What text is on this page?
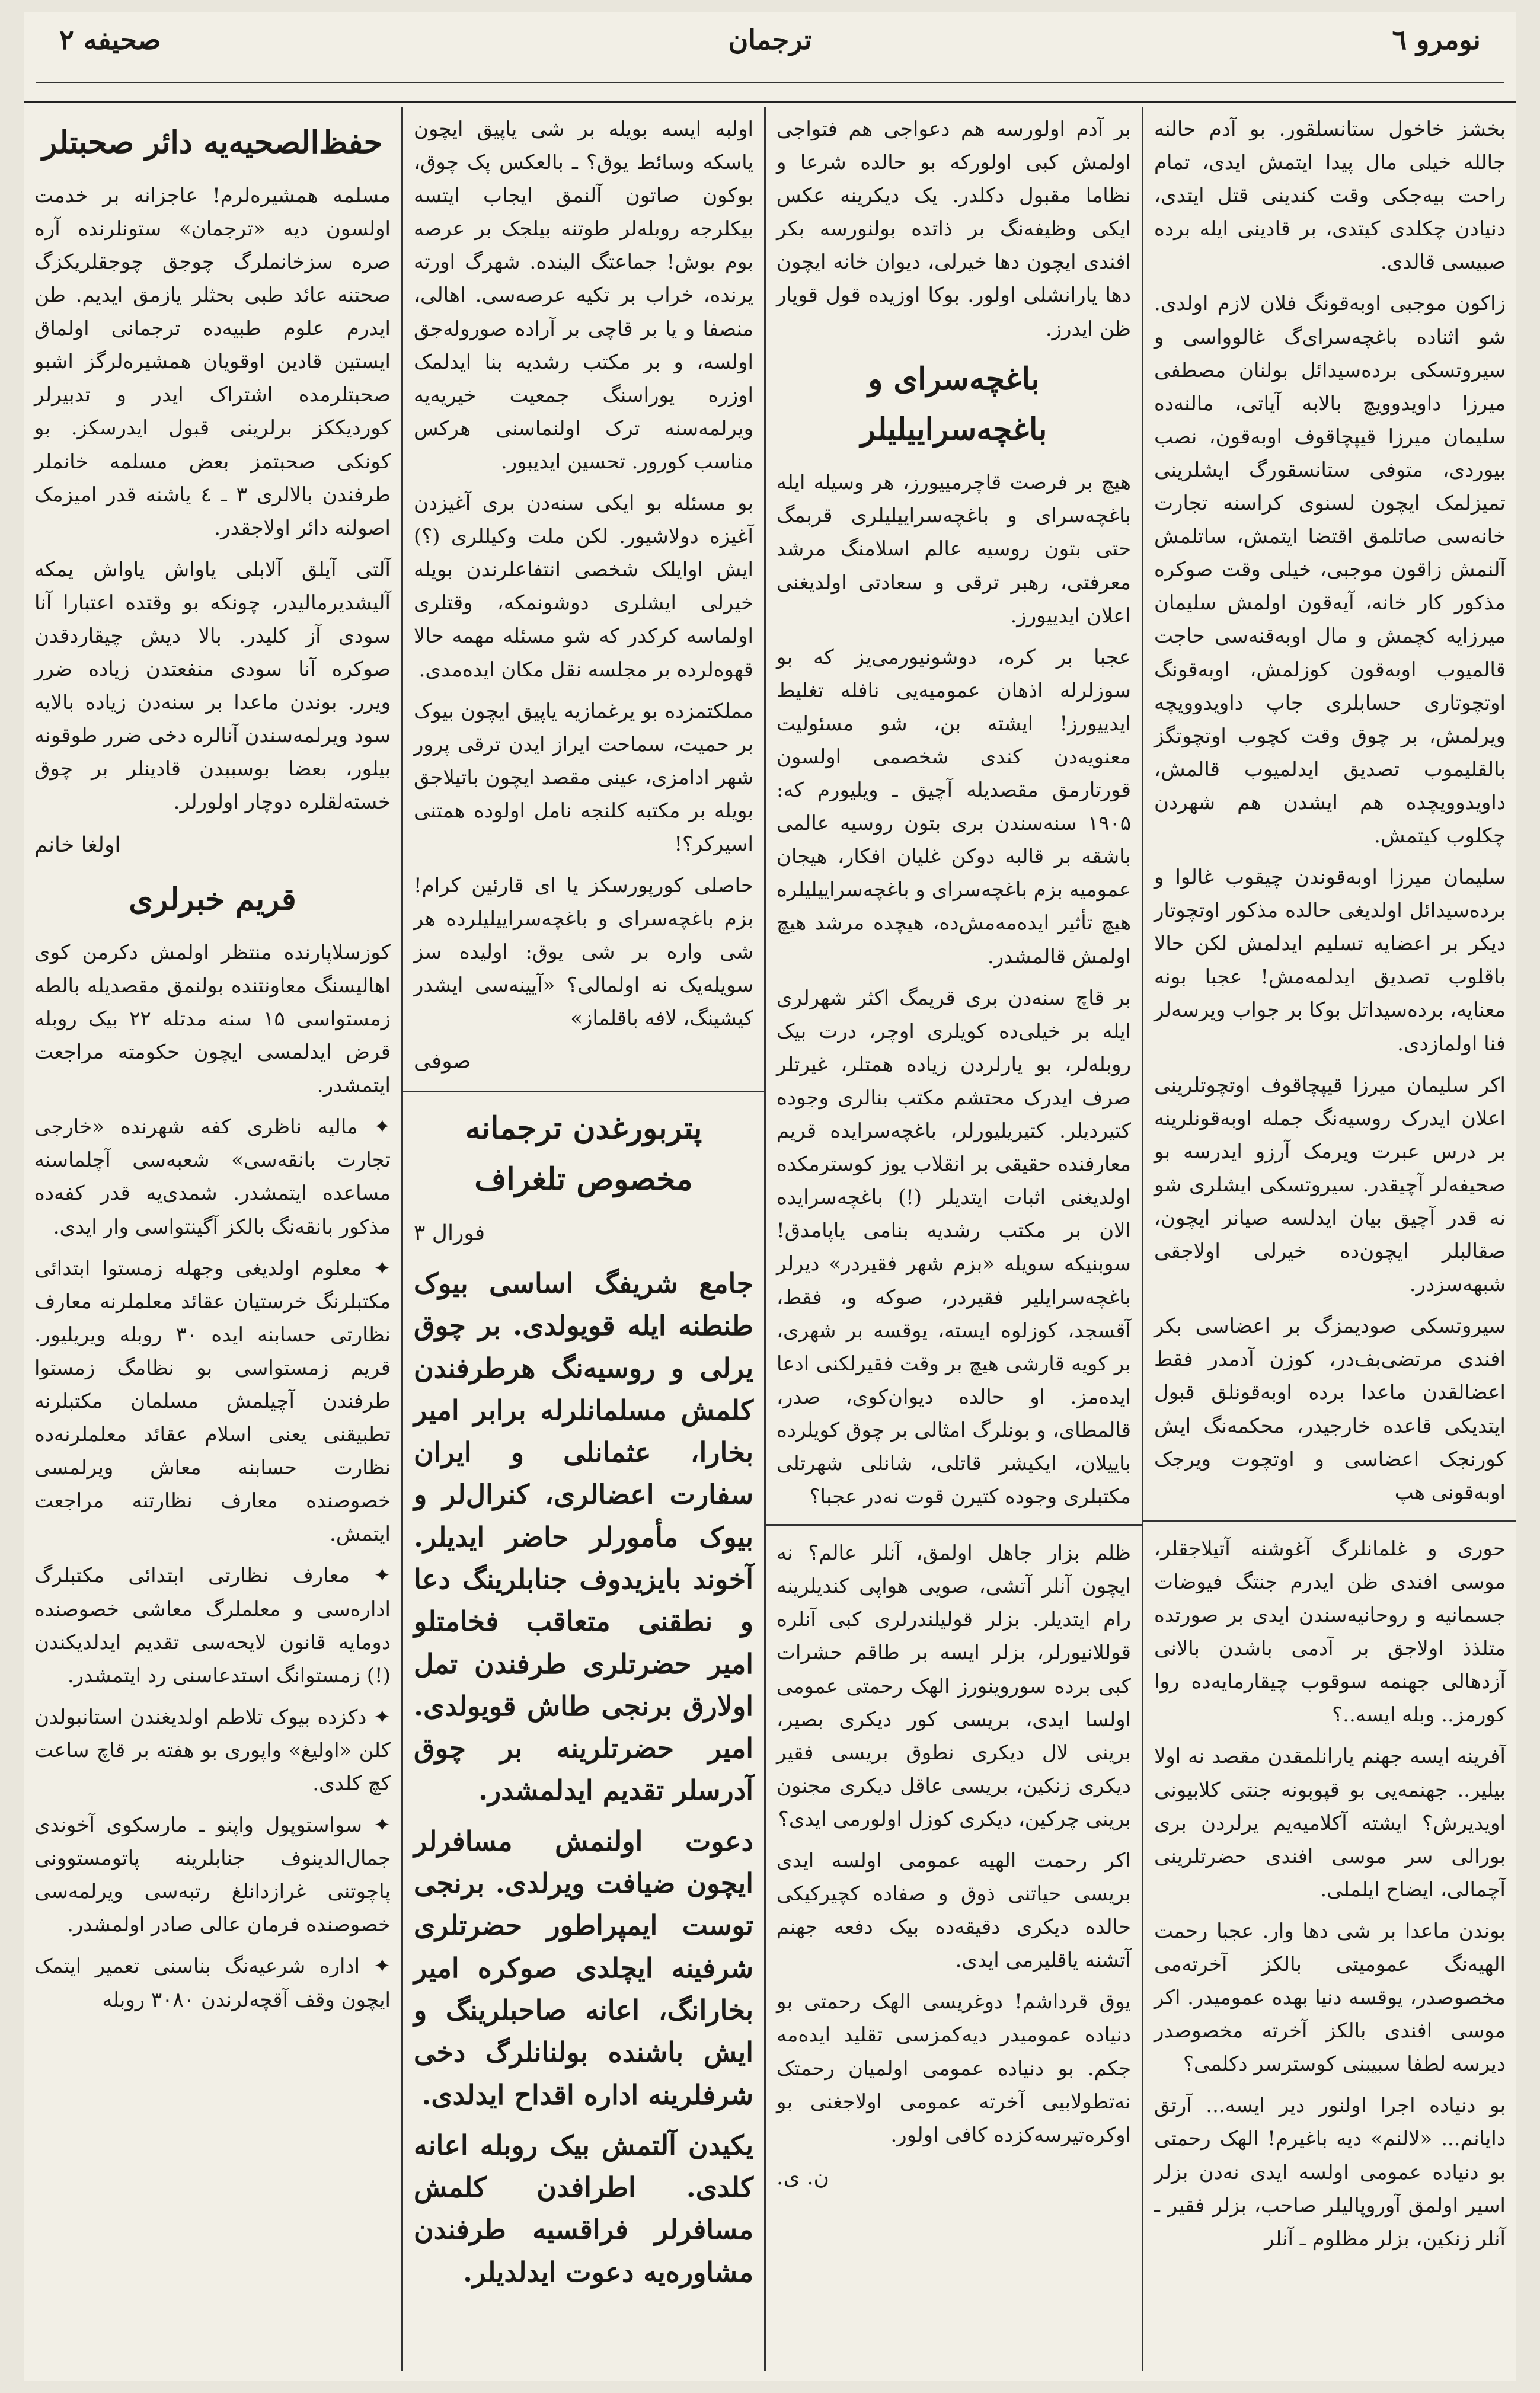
صحیفه ۲	ترجمان	نومرو ٦
حفظ‌الصحیه‌یه دائر صحبتلر

مسلمه همشیره‌لرم! عاجزانه بر خدمت اولسون دیه «ترجمان» ستونلرنده آره صره سزخانملرگ چوجق چوجقلریکزگ صحتنه عائد طبی بحثلر یازمق ایدیم. طن ایدرم علوم طبیه‌ده ترجمانی اولماق ایستین قادین اوقویان همشیره‌لرگز اشبو صحبتلرمده اشتراک ایدر و تدبیرلر کوردیککز برلرینی قبول ایدرسکز. بو کونکی صحبتمز بعض مسلمه خانملر طرفندن بالالری ۳ ـ ٤ یاشنه قدر امیزمک اصولنه دائر اولاجقدر.

آلتی آیلق آلابلی یاواش یاواش یمکه آلیشدیرمالیدر، چونکه بو وقتده اعتبارا آنا سودی آز کلیدر. بالا دیش چیقاردقدن صوکره آنا سودی منفعتدن زیاده ضرر ویرر. بوندن ماعدا بر سنه‌دن زیاده بالایه سود ویرلمه‌سندن آنالره دخی ضرر طوقونه بیلور، بعضا بوسببدن قادینلر بر چوق خسته‌لقلره دوچار اولورلر.

اولغا خانم
قریم خبرلری

کوزسلاپارنده منتظر اولمش دکرمن کوی اهالیسنگ معاونتنده بولنمق مقصدیله بالطه زمستواسی ۱۵ سنه مدتله ۲۲ بیک روبله قرض ایدلمسی ایچون حکومته مراجعت ایتمشدر.

✦ مالیه ناظری کفه شهرنده «خارجی تجارت بانقه‌سی» شعبه‌سی آچلماسنه مساعده ایتمشدر. شمدی‌یه قدر کفه‌ده مذکور بانقه‌نگ بالکز آگینتواسی وار ایدی.

✦ معلوم اولدیغی وجهله زمستوا ابتدائی مکتبلرنگ خرستیان عقائد معلملرنه معارف نظارتی حسابنه ایده ۳۰ روبله ویریلیور. قریم زمستواسی بو نظامگ زمستوا طرفندن آچیلمش مسلمان مکتبلرنه تطبیقنی یعنی اسلام عقائد معلملرنه‌ده نظارت حسابنه معاش ویرلمسی خصوصنده معارف نظارتنه مراجعت ایتمش.

✦ معارف نظارتی ابتدائی مکتبلرگ اداره‌سی و معلملرگ معاشی خصوصنده دومایه قانون لایحه‌سی تقدیم ایدلدیکندن (!) زمستوانگ استدعاسنی رد ایتمشدر.

✦ دکزده بیوک تلاطم اولدیغندن استانبولدن کلن «اولیغ» واپوری بو هفته بر قاچ ساعت کچ کلدی.

✦ سواستوپول واپنو ـ مارسکوی آخوندی جمال‌الدینوف جنابلرینه پاتومستوونی پاچوتنی غرازدانلغ رتبه‌سی ویرلمه‌سی خصوصنده فرمان عالی صادر اولمشدر.

✦ اداره شرعیه‌نگ بناسنی تعمیر ایتمک ایچون وقف آقچه‌لرندن ۳۰۸۰ روبله

اولبه ایسه بویله بر شی یاپیق ایچون یاسکه وسائط یوق؟ ـ بالعکس پک چوق، بوکون صاتون آلنمق ایجاب ایتسه بیکلرجه روبله‌لر طوتنه بیلجک بر عرصه بوم بوش! جماعتگ الینده. شهرگ اورته یرنده، خراب بر تکیه عرصه‌سی. اهالی، منصفا و یا بر قاچی بر آراده صوروله‌جق اولسه، و بر مکتب رشدیه بنا ایدلمک اوزره یوراسنگ جمعیت خیریه‌یه ویرلمه‌سنه ترک اولنماسنی هرکس مناسب کورور. تحسین ایدیبور.

بو مسئله بو ایکی سنه‌دن بری آغیزدن آغیزه دولاشیور. لکن ملت وکیللری (؟) ایش اوایلک شخصی انتفاعلرندن بویله خیرلی ایشلری دوشونمکه، وقتلری اولماسه کرکدر که شو مسئله مهمه حالا قهوه‌لرده بر مجلسه نقل مکان ایده‌مدی.

مملکتمزده بو یرغمازیه یاپیق ایچون بیوک بر حمیت، سماحت ایراز ایدن ترقی پرور شهر ادامزی، عینی مقصد ایچون باتیلاجق بویله بر مکتبه کلنجه نامل اولوده همتنی اسیرکر؟!

حاصلی کورپورسکز یا ای قارئین کرام! بزم باغچه‌سرای و باغچه‌سراییلیلرده هر شی واره بر شی یوق: اولیده سز سویله‌یک نه اولمالی؟ «آیینه‌سی ایشدر کیشینگ، لافه باقلماز»

صوفی
پتربورغدن ترجمانه مخصوص تلغراف
فورال ۳

جامع شریفگ اساسی بیوک طنطنه ایله قویولدی. بر چوق یرلی و روسیه‌نگ هرطرفندن کلمش مسلمانلرله برابر امیر بخارا، عثمانلی و ایران سفارت اعضالری، کنرال‌لر و بیوک مأمورلر حاضر ایدیلر. آخوند بایزیدوف جنابلرینگ دعا و نطقنی متعاقب فخامتلو امیر حضرتلری طرفندن تمل اولارق برنجی طاش قویولدی. امیر حضرتلرینه بر چوق آدرسلر تقدیم ایدلمشدر.

دعوت اولنمش مسافرلر ایچون ضیافت ویرلدی. برنجی توست ایمپراطور حضرتلری شرفینه ایچلدی صوکره امیر بخارانگ، اعانه صاحبلرینگ و ایش باشنده بولنانلرگ دخی شرفلرینه اداره اقداح ایدلدی.

یکیدن آلتمش بیک روبله اعانه کلدی. اطرافدن کلمش مسافرلر فراقسیه طرفندن مشاوره‌یه دعوت ایدلدیلر.

بر آدم اولورسه هم دعواجی هم فتواجی اولمش کبی اولورکه بو حالده شرعا و نظاما مقبول دکلدر. یک دیکرینه عکس ایکی وظیفه‌نگ بر ذاتده بولنورسه بکر افندی ایچون دها خیرلی، دیوان خانه ایچون دها یارانشلی اولور. بوکا اوزیده قول قویار ظن ایدرز.

باغچه‌سرای و باغچه‌سراییلیلر

هیچ بر فرصت قاچرمییورز، هر وسیله ایله باغچه‌سرای و باغچه‌سراییلیلری قربمگ حتی بتون روسیه عالم اسلامنگ مرشد معرفتی، رهبر ترقی و سعادتی اولدیغنی اعلان ایدییورز.

عجبا بر کره، دوشونیورمی‌یز که بو سوزلرله اذهان عمومیه‌یی نافله تغلیط ایدییورز! ایشته بن، شو مسئولیت معنویه‌دن کندی شخصمی اولسون قورتارمق مقصدیله آچیق ـ ویلیورم که: ۱۹۰۵ سنه‌سندن بری بتون روسیه عالمی باشقه بر قالبه دوکن غلیان افکار، هیجان عمومیه بزم باغچه‌سرای و باغچه‌سراییلیلره هیچ تأثیر ایده‌مه‌مش‌ده، هیچده مرشد هیچ اولمش قالمشدر.

بر قاچ سنه‌دن بری قریمگ اکثر شهرلری ایله بر خیلی‌ده کویلری اوچر، درت بیک روبله‌لر، بو یارلردن زیاده همتلر، غیرتلر صرف ایدرک محتشم مکتب بنالری وجوده کتیردیلر. کتیریلیورلر، باغچه‌سرایده قریم معارفنده حقیقی بر انقلاب یوز کوسترمکده اولدیغنی اثبات ایتدیلر (!) باغچه‌سرایده الان بر مکتب رشدیه بنامی یاپامدق! سوبنیکه سویله «بزم شهر فقیردر» دیرلر باغچه‌سرایلیر فقیردر، صوکه و، فقط، آقسجد، کوزلوه ایسته، یوقسه بر شهری، بر کویه قارشی هیچ بر وقت فقیرلکنی ادعا ایده‌مز. او حالده دیوان‌کوی، صدر، قالمطای، و بونلرگ امثالی بر چوق کویلرده باییلان، ایکیشر قاتلی، شانلی شهرتلی مکتبلری وجوده کتیرن قوت نه‌در عجبا؟

ظلم بزار جاهل اولمق، آنلر عالم؟ نه ایچون آنلر آتشی، صویی هواپی کندیلرینه رام ایتدیلر. بزلر قولیلندرلری کبی آنلره قوللانیورلر، بزلر ایسه بر طاقم حشرات کبی برده سوروینورز الهک رحمتی عمومی اولسا ایدی، بریسی کور دیکری بصیر، برینی لال دیکری نطوق بریسی فقیر دیکری زنکین، بریسی عاقل دیکری مجنون برینی چرکین، دیکری کوزل اولورمی ایدی؟

اکر رحمت الهیه عمومی اولسه ایدی بریسی حیاتنی ذوق و صفاده کچیرکیکی حالده دیکری دقیقه‌ده بیک دفعه جهنم آتشنه یاقلیرمی ایدی.

یوق قرداشم! دوغریسی الهک رحمتی بو دنیاده عمومیدر دیه‌کمزسی تقلید ایده‌مه جکم. بو دنیاده عمومی اولمیان رحمتک نه‌تطولابیی آخرته عمومی اولاجغنی بو اوکره‌تیرسه‌کزده کافی اولور.

ن. ی.

بخشز خاخول ستانسلقور. بو آدم حالنه جالله خیلی مال پیدا ایتمش ایدی، تمام راحت بیه‌جکی وقت کندینی قتل ایتدی، دنیادن چکلدی کیتدی، بر قادینی ایله برده صبیسی قالدی.

زاکون موجبی اوبه‌قونگ فلان لازم اولدی. شو اثناده باغچه‌سرای‌گ غالوواسی و سیروتسکی برده‌سیدائل بولنان مصطفی میرزا داویدوویچ بالابه آیاتی، مالنه‌ده سلیمان میرزا قیپچاقوف اوبه‌قون، نصب بیوردی، متوفی ستانسقورگ ایشلرینی تمیزلمک ایچون لسنوی کراسنه تجارت خانه‌سی صاتلمق اقتضا ایتمش، ساتلمش آلنمش زاقون موجبی، خیلی وقت صوکره مذکور کار خانه، آیه‌قون اولمش سلیمان میرزایه کچمش و مال اوبه‌قنه‌سی حاجت قالمیوب اوبه‌قون کوزلمش، اوبه‌قونگ اوتچوتاری حسابلری جاپ داویدوویچه ویرلمش، بر چوق وقت کچوب اوتچوتگز بالقلیموب تصدیق ایدلمیوب قالمش، داویدوویچده هم ایشدن هم شهردن چکلوب کیتمش.

سلیمان میرزا اوبه‌قوندن چیقوب غالوا و برده‌سیدائل اولدیغی حالده مذکور اوتچوتار دیکر بر اعضایه تسلیم ایدلمش لکن حالا باقلوب تصدیق ایدلمه‌مش! عجبا بونه معنایه، برده‌سیداتل بوکا بر جواب ویرسه‌لر فنا اولمازدی.

اکر سلیمان میرزا قیپچاقوف اوتچوتلرینی اعلان ایدرک روسیه‌نگ جمله اوبه‌قونلرینه بر درس عبرت ویرمک آرزو ایدرسه بو صحیفه‌لر آچیقدر. سیروتسکی ایشلری شو نه قدر آچیق بیان ایدلسه صیانر ایچون، صقالبلر ایچون‌ده خیرلی اولاجقی شبهه‌سزدر.

سیروتسکی صودیمزگ بر اعضاسی بکر افندی مرتضی‌بف‌در، کوزن آدمدر فقط اعضالقدن ماعدا برده اوبه‌قونلق قبول ایتدیکی قاعده خارجیدر، محکمه‌نگ ایش کورنجک اعضاسی و اوتچوت ویرجک اوبه‌قونی هپ

حوری و غلمانلرگ آغوشنه آتیلاجقلر، موسی افندی ظن ایدرم جنتگ فیوضات جسمانیه و روحانیه‌سندن ایدی بر صورتده متلذذ اولاجق بر آدمی باشدن بالانی آزدهالی جهنمه سوقوب چیقارمایه‌ده روا کورمز.. وبله ایسه..؟

آفرینه ایسه جهنم یارانلمقدن مقصد نه اولا بیلیر.. جهنمه‌یی بو قپوبونه جنتی کلابیونی اویدیرش؟ ایشته آکلامیه‌یم یرلردن بری بورالی سر موسی افندی حضرتلرینی آچمالی، ایضاح ایلملی.

بوندن ماعدا بر شی دها وار. عجبا رحمت الهیه‌نگ عمومیتی بالکز آخرته‌می مخصوصدر، یوقسه دنیا بهده عمومیدر. اکر موسی افندی بالکز آخرته مخصوصدر دیرسه لطفا سبیبنی کوسترسر دکلمی؟

بو دنیاده اجرا اولنور دیر ایسه... آرتق دایانم... «لالنم» دیه باغیرم! الهک رحمتی بو دنیاده عمومی اولسه ایدی نه‌دن بزلر اسیر اولمق آوروپالیلر صاحب، بزلر فقیر ـ آنلر زنکین، بزلر مظلوم ـ آنلر
